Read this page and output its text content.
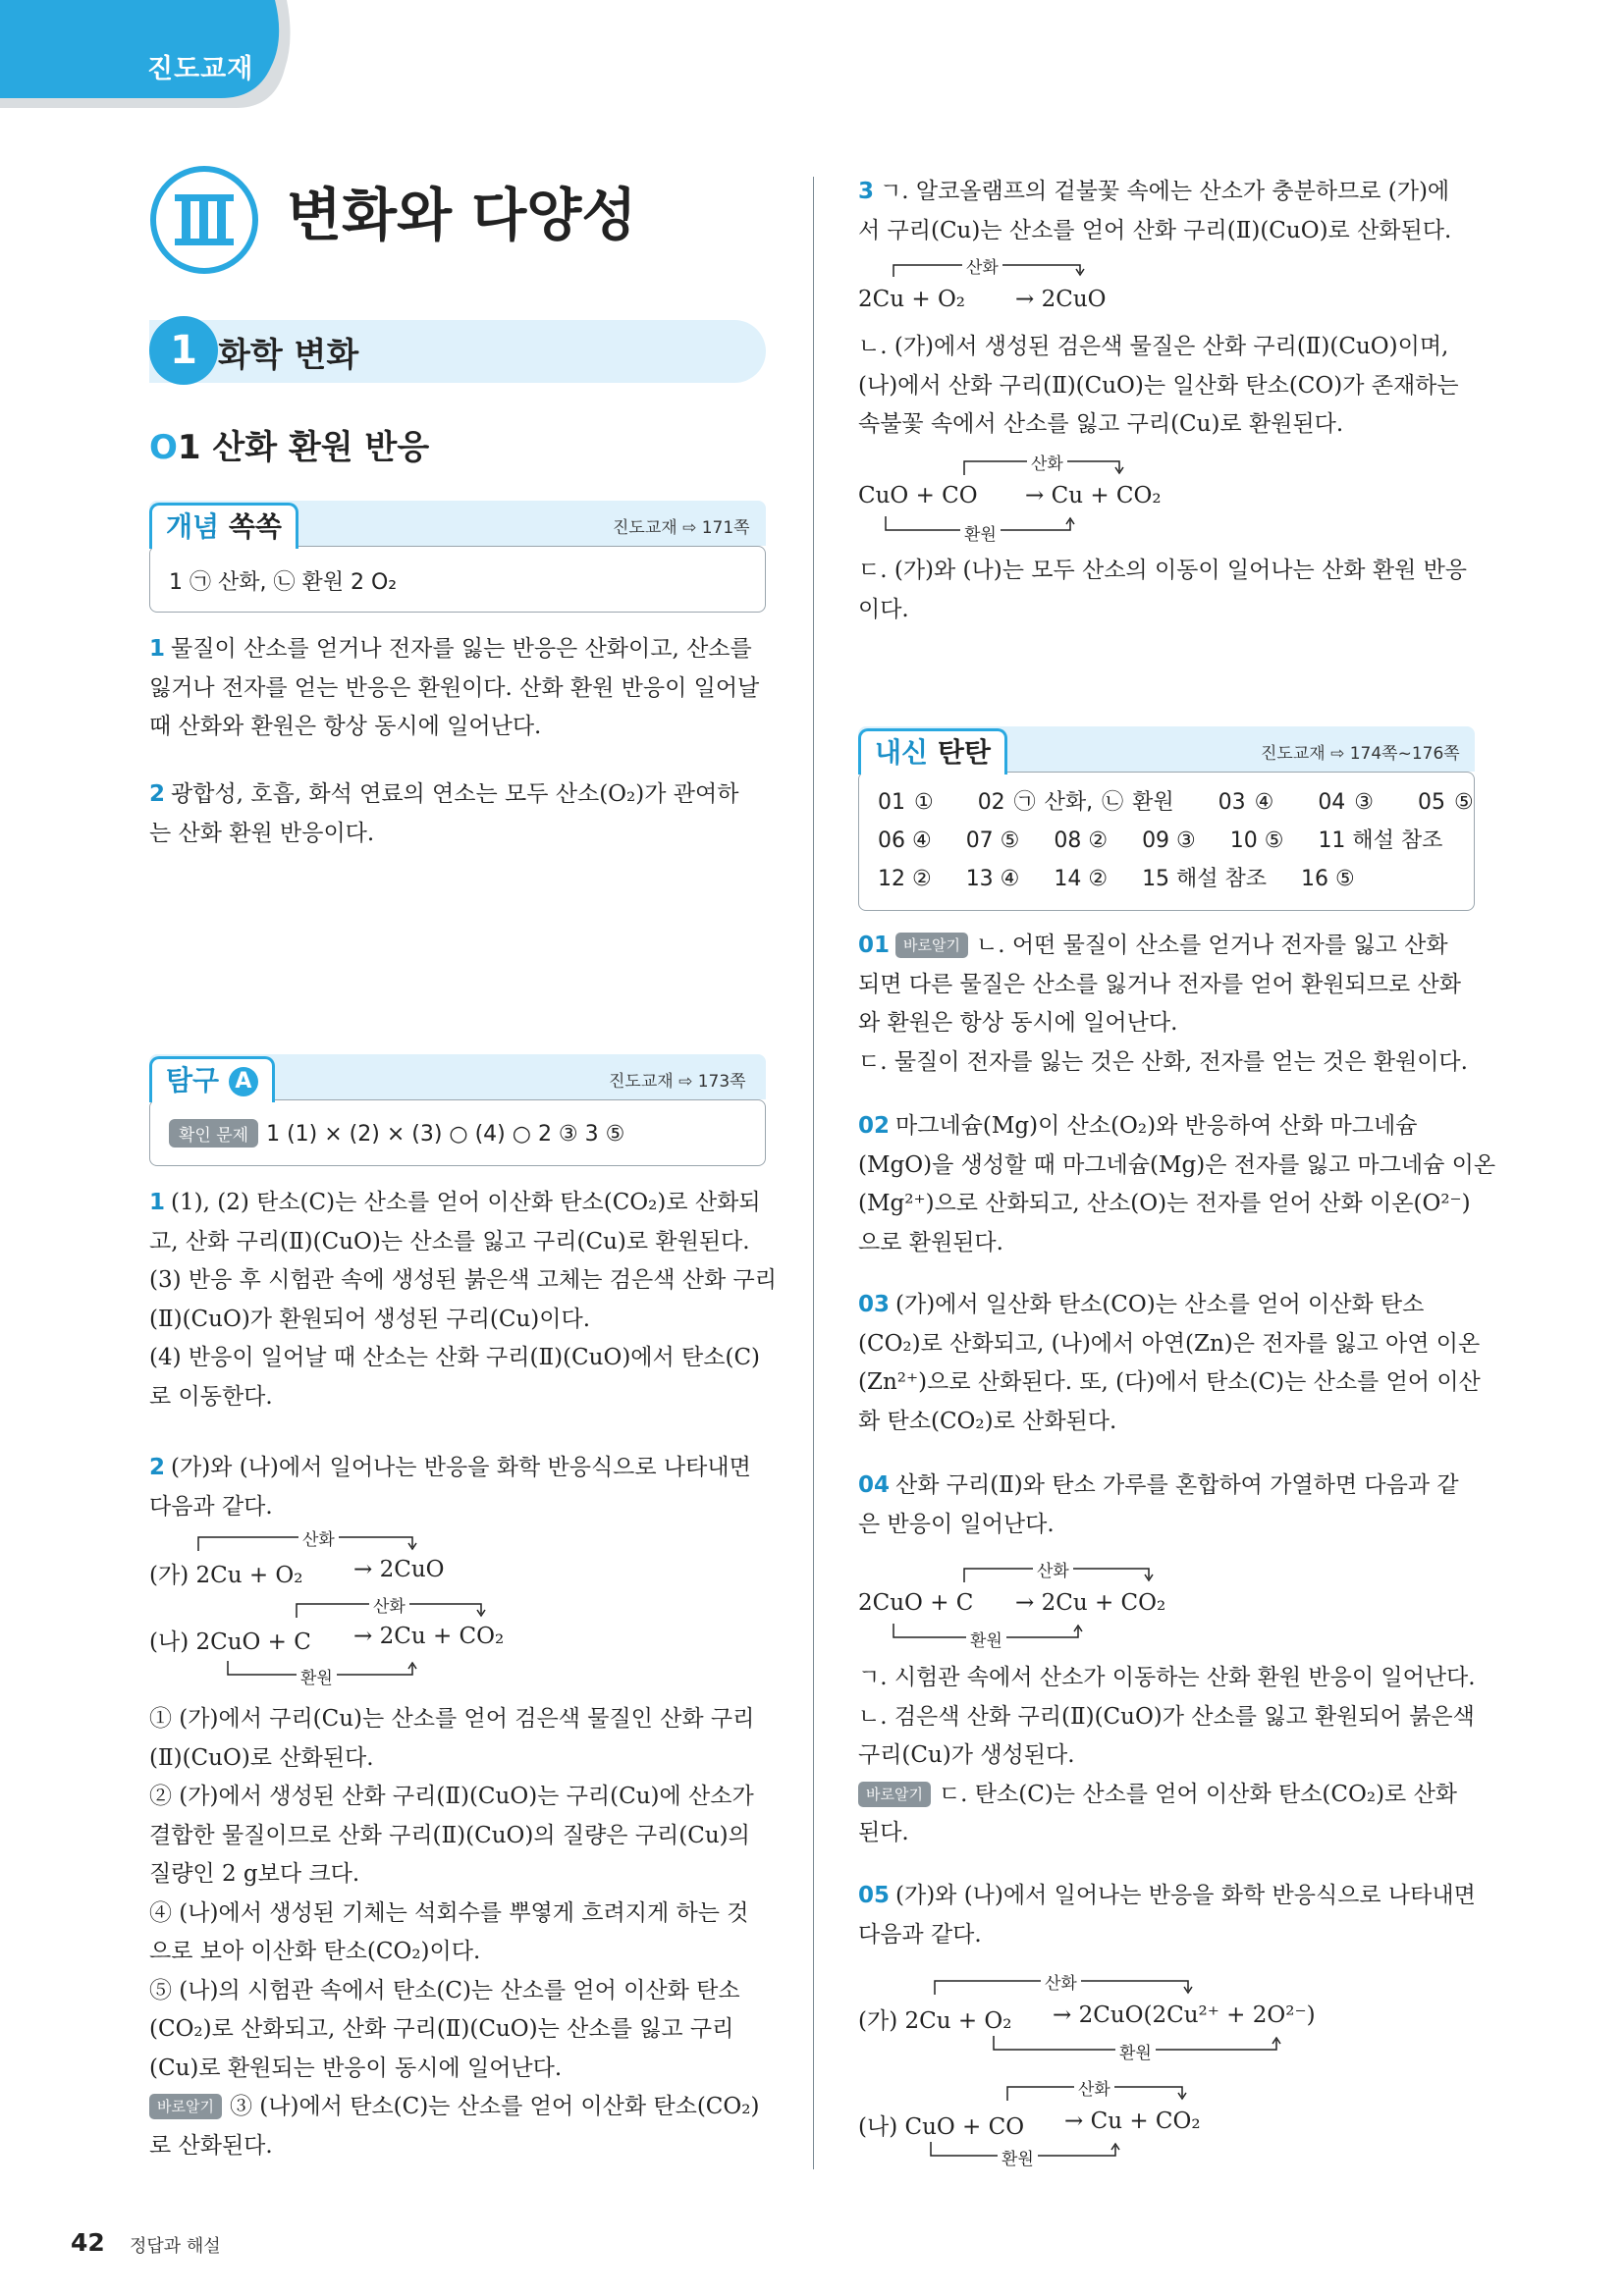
진도교재
변화와 다양성
1 화학 변화
O1 산화 환원 반응
개념 쏙쏙	진도교재 ⇨ 171쪽
1 ㉠ 산화, ㉡ 환원 2 O₂
1 물질이 산소를 얻거나 전자를 잃는 반응은 산화이고, 산소를
잃거나 전자를 얻는 반응은 환원이다. 산화 환원 반응이 일어날
때 산화와 환원은 항상 동시에 일어난다.
2 광합성, 호흡, 화석 연료의 연소는 모두 산소(O₂)가 관여하
는 산화 환원 반응이다.
탐구 A	진도교재 ⇨ 173쪽
확인 문제 1 (1) × (2) × (3) ○ (4) ○ 2 ③ 3 ⑤
1 (1), (2) 탄소(C)는 산소를 얻어 이산화 탄소(CO₂)로 산화되
고, 산화 구리(Ⅱ)(CuO)는 산소를 잃고 구리(Cu)로 환원된다.
(3) 반응 후 시험관 속에 생성된 붉은색 고체는 검은색 산화 구리
(Ⅱ)(CuO)가 환원되어 생성된 구리(Cu)이다.
(4) 반응이 일어날 때 산소는 산화 구리(Ⅱ)(CuO)에서 탄소(C)
로 이동한다.
2 (가)와 (나)에서 일어나는 반응을 화학 반응식으로 나타내면
다음과 같다.
산화
(가) 2Cu + O₂ → 2CuO
산화
(나) 2CuO + C → 2Cu + CO₂
환원
① (가)에서 구리(Cu)는 산소를 얻어 검은색 물질인 산화 구리
(Ⅱ)(CuO)로 산화된다.
② (가)에서 생성된 산화 구리(Ⅱ)(CuO)는 구리(Cu)에 산소가
결합한 물질이므로 산화 구리(Ⅱ)(CuO)의 질량은 구리(Cu)의
질량인 2 g보다 크다.
④ (나)에서 생성된 기체는 석회수를 뿌옇게 흐려지게 하는 것
으로 보아 이산화 탄소(CO₂)이다.
⑤ (나)의 시험관 속에서 탄소(C)는 산소를 얻어 이산화 탄소
(CO₂)로 산화되고, 산화 구리(Ⅱ)(CuO)는 산소를 잃고 구리
(Cu)로 환원되는 반응이 동시에 일어난다.
바로알기 ③ (나)에서 탄소(C)는 산소를 얻어 이산화 탄소(CO₂)
로 산화된다.
3 ㄱ. 알코올램프의 겉불꽃 속에는 산소가 충분하므로 (가)에
서 구리(Cu)는 산소를 얻어 산화 구리(Ⅱ)(CuO)로 산화된다.
산화
2Cu + O₂ → 2CuO
ㄴ. (가)에서 생성된 검은색 물질은 산화 구리(Ⅱ)(CuO)이며,
(나)에서 산화 구리(Ⅱ)(CuO)는 일산화 탄소(CO)가 존재하는
속불꽃 속에서 산소를 잃고 구리(Cu)로 환원된다.
산화
CuO + CO → Cu + CO₂
환원
ㄷ. (가)와 (나)는 모두 산소의 이동이 일어나는 산화 환원 반응
이다.
내신 탄탄	진도교재 ⇨ 174쪽~176쪽
01 ① 02 ㉠ 산화, ㉡ 환원 03 ④ 04 ③ 05 ⑤
06 ④ 07 ⑤ 08 ② 09 ③ 10 ⑤ 11 해설 참조
12 ② 13 ④ 14 ② 15 해설 참조 16 ⑤
01 바로알기 ㄴ. 어떤 물질이 산소를 얻거나 전자를 잃고 산화
되면 다른 물질은 산소를 잃거나 전자를 얻어 환원되므로 산화
와 환원은 항상 동시에 일어난다.
ㄷ. 물질이 전자를 잃는 것은 산화, 전자를 얻는 것은 환원이다.
02 마그네슘(Mg)이 산소(O₂)와 반응하여 산화 마그네슘
(MgO)을 생성할 때 마그네슘(Mg)은 전자를 잃고 마그네슘 이온
(Mg²⁺)으로 산화되고, 산소(O)는 전자를 얻어 산화 이온(O²⁻)
으로 환원된다.
03 (가)에서 일산화 탄소(CO)는 산소를 얻어 이산화 탄소
(CO₂)로 산화되고, (나)에서 아연(Zn)은 전자를 잃고 아연 이온
(Zn²⁺)으로 산화된다. 또, (다)에서 탄소(C)는 산소를 얻어 이산
화 탄소(CO₂)로 산화된다.
04 산화 구리(Ⅱ)와 탄소 가루를 혼합하여 가열하면 다음과 같
은 반응이 일어난다.
산화
2CuO + C → 2Cu + CO₂
환원
ㄱ. 시험관 속에서 산소가 이동하는 산화 환원 반응이 일어난다.
ㄴ. 검은색 산화 구리(Ⅱ)(CuO)가 산소를 잃고 환원되어 붉은색
구리(Cu)가 생성된다.
바로알기 ㄷ. 탄소(C)는 산소를 얻어 이산화 탄소(CO₂)로 산화
된다.
05 (가)와 (나)에서 일어나는 반응을 화학 반응식으로 나타내면
다음과 같다.
산화
(가) 2Cu + O₂ → 2CuO(2Cu²⁺ + 2O²⁻)
환원
산화
(나) CuO + CO → Cu + CO₂
환원
42 정답과 해설
